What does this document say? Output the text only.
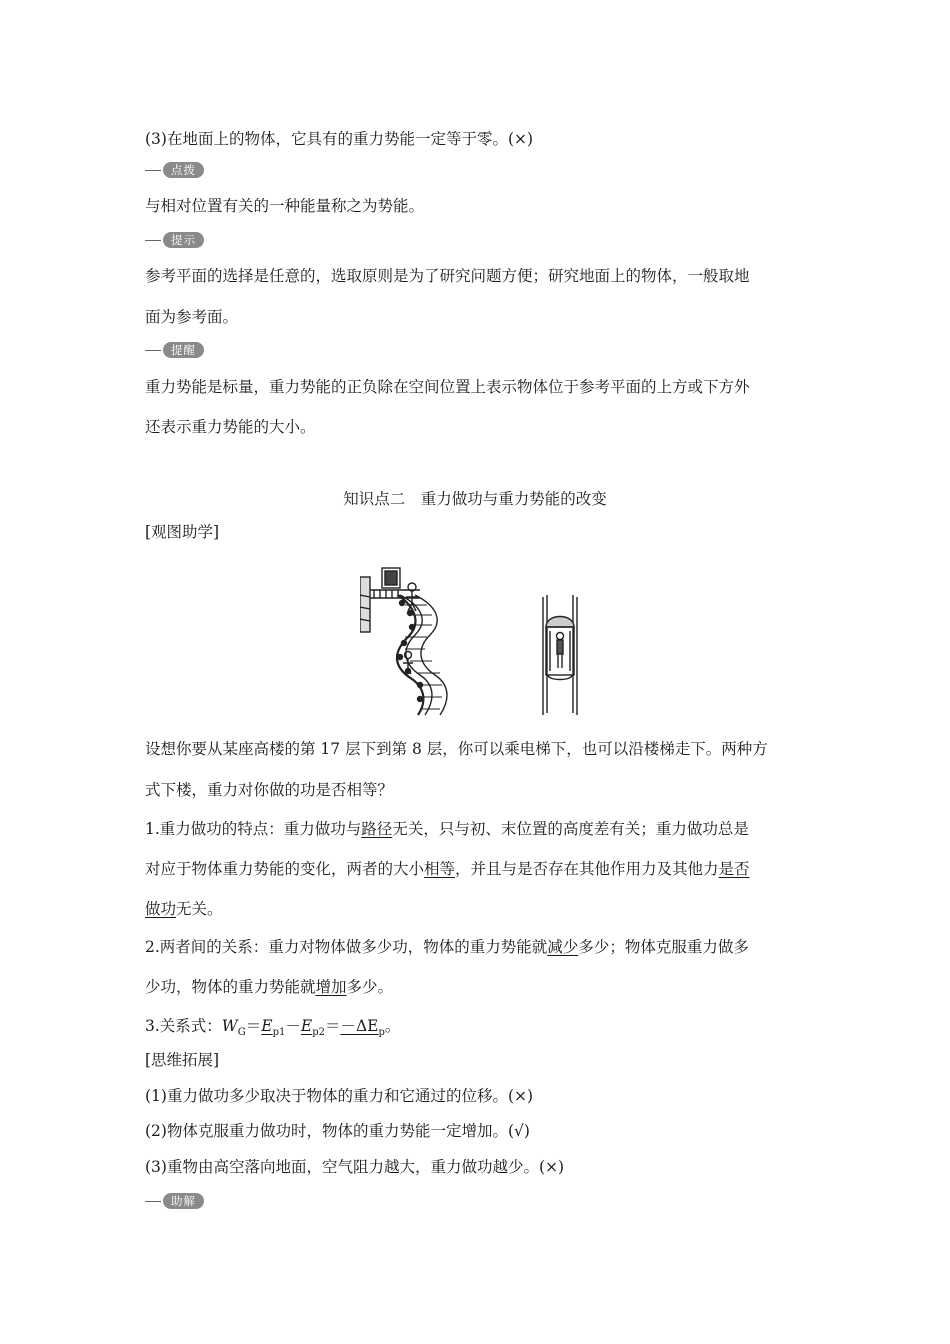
(3)在地面上的物体，它具有的重力势能一定等于零。(×)
点拨
与相对位置有关的一种能量称之为势能。
提示
参考平面的选择是任意的，选取原则是为了研究问题方便；研究地面上的物体，一般取地
面为参考面。
提醒
重力势能是标量，重力势能的正负除在空间位置上表示物体位于参考平面的上方或下方外
还表示重力势能的大小。
知识点二　重力做功与重力势能的改变
[观图助学]
设想你要从某座高楼的第 17 层下到第 8 层，你可以乘电梯下，也可以沿楼梯走下。两种方
式下楼，重力对你做的功是否相等？
1.重力做功的特点：重力做功与路径无关，只与初、末位置的高度差有关；重力做功总是
对应于物体重力势能的变化，两者的大小相等，并且与是否存在其他作用力及其他力是否
做功无关。
2.两者间的关系：重力对物体做多少功，物体的重力势能就减少多少；物体克服重力做多
少功，物体的重力势能就增加多少。
3.关系式：$W_G=E_{p1}-E_{p2}=-\Delta E_p$。
[思维拓展]
(1)重力做功多少取决于物体的重力和它通过的位移。(×)
(2)物体克服重力做功时，物体的重力势能一定增加。(√)
(3)重物由高空落向地面，空气阻力越大，重力做功越少。(×)
助解
